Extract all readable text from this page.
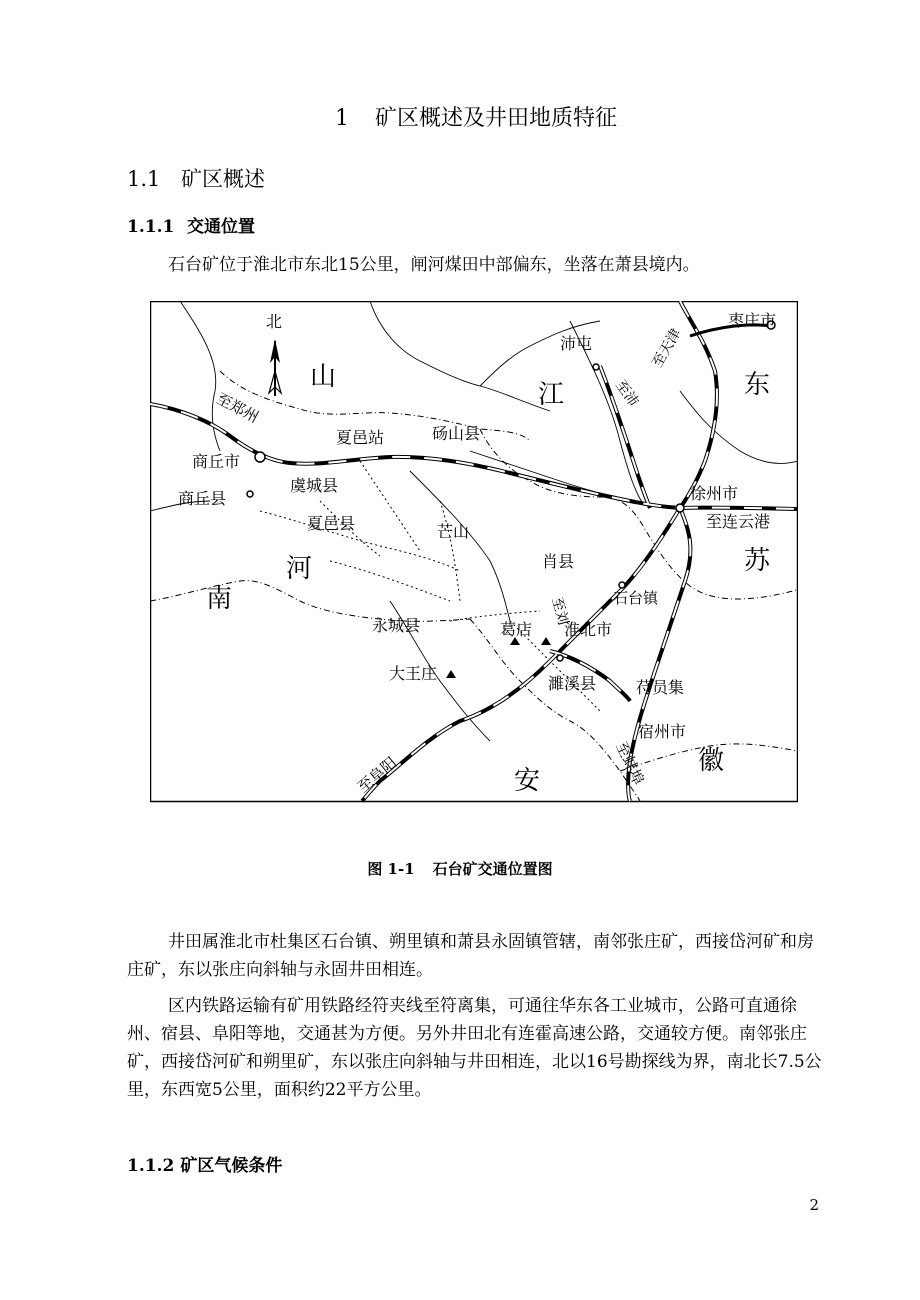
1 矿区概述及井田地质特征
1.1 矿区概述
1.1.1 交通位置
石台矿位于淮北市东北15公里，闸河煤田中部偏东，坐落在萧县境内。
北	枣庄市
沛屯	至天津
至沛
至郑州
夏邑站	砀山县
商丘市
虞城县	徐州市
商丘县
夏邑县	芒山
至连云港
肖县
石台镇
永城县	至刘
葛店 淮北市
大王庄
濉溪县 苻员集
宿州市
至阜阳	至蚌埠
山
江	东
苏
河
南
安
徽
图 1-1 石台矿交通位置图
井田属淮北市杜集区石台镇、朔里镇和萧县永固镇管辖，南邻张庄矿，西接岱河矿和房庄矿，东以张庄向斜轴与永固井田相连。
区内铁路运输有矿用铁路经符夹线至符离集，可通往华东各工业城市，公路可直通徐州、宿县、阜阳等地，交通甚为方便。另外井田北有连霍高速公路，交通较方便。南邻张庄矿，西接岱河矿和朔里矿，东以张庄向斜轴与井田相连，北以16号勘探线为界，南北长7.5公里，东西宽5公里，面积约22平方公里。
1.1.2 矿区气候条件
2
